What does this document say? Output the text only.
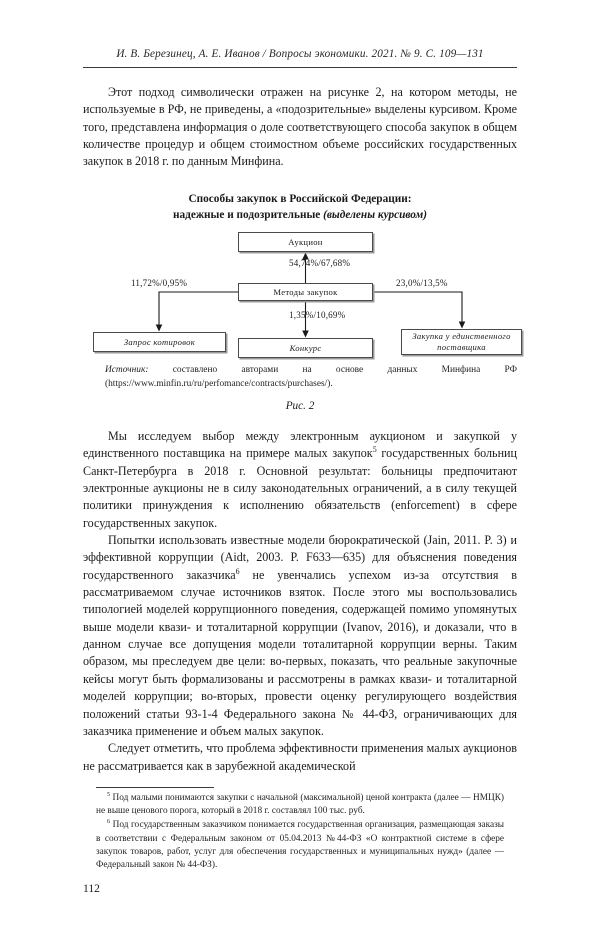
И. В. Березинец, А. Е. Иванов / Вопросы экономики. 2021. № 9. С. 109—131

Этот подход символически отражен на рисунке 2, на котором методы, не используемые в РФ, не приведены, а «подозрительные» выделены курсивом. Кроме того, представлена информация о доле соответствующего способа закупок в общем количестве процедур и общем стоимостном объеме российских государственных закупок в 2018 г. по данным Минфина.

Способы закупок в Российской Федерации:
надежные и подозрительные (выделены курсивом)
Аукцион
Методы закупок
Запрос котировок
Конкурс
Закупка у единственного поставщика
54,74%/67,68%
11,72%/0,95%	23,0%/13,5%
1,35%/10,69%
Источник: составлено авторами на основе данных Минфина РФ (https://www.minfin.ru/ru/perfomance/contracts/purchases/).
Рис. 2

Мы исследуем выбор между электронным аукционом и закупкой у единственного поставщика на примере малых закупок$^5$ государственных больниц Санкт-Петербурга в 2018 г. Основной результат: больницы предпочитают электронные аукционы не в силу законодательных ограничений, а в силу текущей политики принуждения к исполнению обязательств (enforcement) в сфере государственных закупок.

Попытки использовать известные модели бюрократической (Jain, 2011. P. 3) и эффективной коррупции (Aidt, 2003. P. F633—635) для объяснения поведения государственного заказчика$^6$ не увенчались успехом из-за отсутствия в рассматриваемом случае источников взяток. После этого мы воспользовались типологией моделей коррупционного поведения, содержащей помимо упомянутых выше модели квази- и тоталитарной коррупции (Ivanov, 2016), и доказали, что в данном случае все допущения модели тоталитарной коррупции верны. Таким образом, мы преследуем две цели: во-первых, показать, что реальные закупочные кейсы могут быть формализованы и рассмотрены в рамках квази- и тоталитарной моделей коррупции; во-вторых, провести оценку регулирующего воздействия положений статьи 93-1-4 Федерального закона № 44-ФЗ, ограничивающих для заказчика применение и объем малых закупок.

Следует отметить, что проблема эффективности применения малых аукционов не рассматривается как в зарубежной академической

$^5$ Под малыми понимаются закупки с начальной (максимальной) ценой контракта (далее — НМЦК) не выше ценового порога, который в 2018 г. составлял 100 тыс. руб.

$^6$ Под государственным заказчиком понимается государственная организация, размещающая заказы в соответствии с Федеральным законом от 05.04.2013 №44-ФЗ «О контрактной системе в сфере закупок товаров, работ, услуг для обеспечения государственных и муниципальных нужд» (далее — Федеральный закон № 44-ФЗ).

112
